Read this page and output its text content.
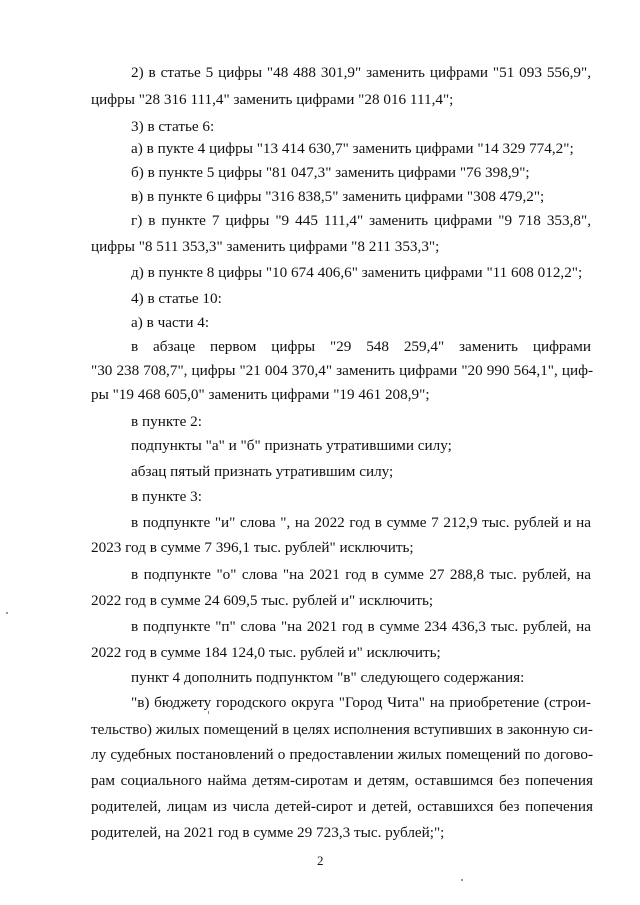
2) в статье 5 цифры "48 488 301,9" заменить цифрами "51 093 556,9",
цифры "28 316 111,4" заменить цифрами "28 016 111,4";
3) в статье 6:
а) в пукте 4 цифры "13 414 630,7" заменить цифрами "14 329 774,2";
б) в пункте 5 цифры "81 047,3" заменить цифрами "76 398,9";
в) в пункте 6 цифры "316 838,5" заменить цифрами "308 479,2";
г) в пункте 7 цифры "9 445 111,4" заменить цифрами "9 718 353,8",
цифры "8 511 353,3" заменить цифрами "8 211 353,3";
д) в пункте 8 цифры "10 674 406,6" заменить цифрами "11 608 012,2";
4) в статье 10:
а) в части 4:
в абзаце первом цифры "29 548 259,4" заменить цифрами
"30 238 708,7", цифры "21 004 370,4" заменить цифрами "20 990 564,1", циф-
ры "19 468 605,0" заменить цифрами "19 461 208,9";
в пункте 2:
подпункты "а" и "б" признать утратившими силу;
абзац пятый признать утратившим силу;
в пункте 3:
в подпункте "и" слова ", на 2022 год в сумме 7 212,9 тыс. рублей и на
2023 год в сумме 7 396,1 тыс. рублей" исключить;
в подпункте "о" слова "на 2021 год в сумме 27 288,8 тыс. рублей, на
2022 год в сумме 24 609,5 тыс. рублей и" исключить;
в подпункте "п" слова "на 2021 год в сумме 234 436,3 тыс. рублей, на
2022 год в сумме 184 124,0 тыс. рублей и" исключить;
пункт 4 дополнить подпунктом "в" следующего содержания:
"в) бюджету городского округа "Город Чита" на приобретение (строи-
тельство) жилых помещений в целях исполнения вступивших в законную си-
лу судебных постановлений о предоставлении жилых помещений по догово-
рам социального найма детям-сиротам и детям, оставшимся без попечения
родителей, лицам из числа детей-сирот и детей, оставшихся без попечения
родителей, на 2021 год в сумме 29 723,3 тыс. рублей;";
2
